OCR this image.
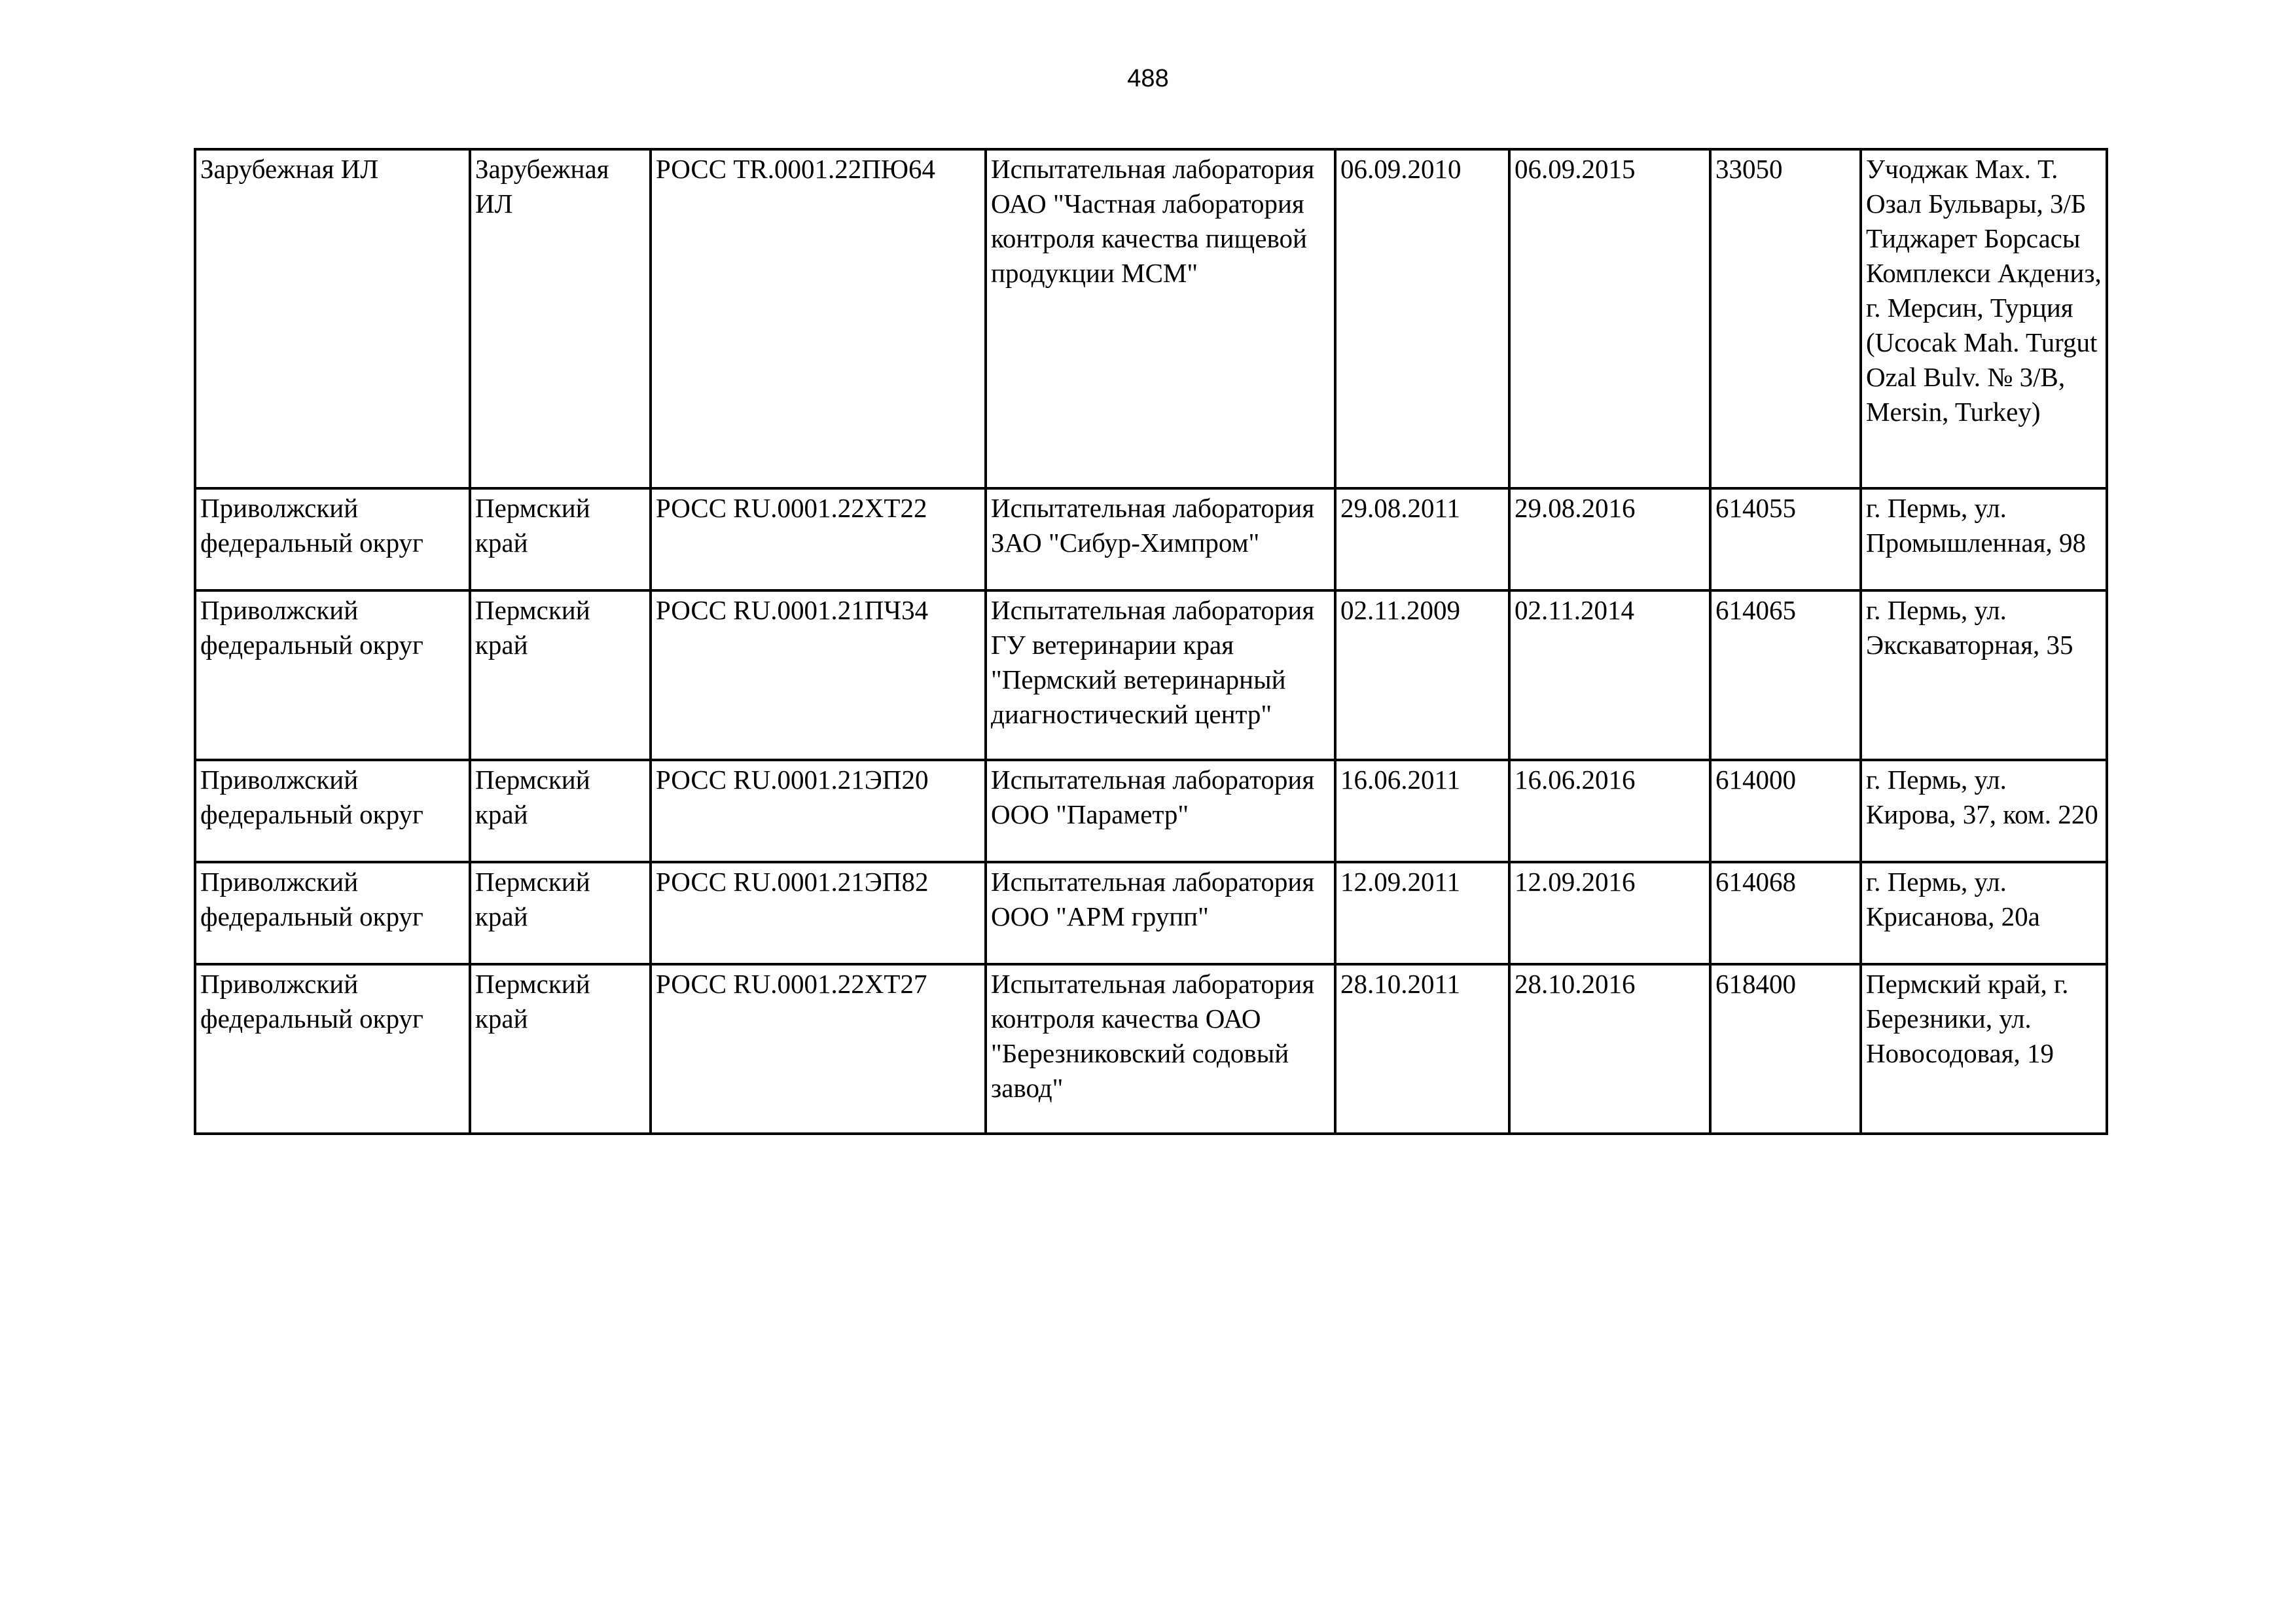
488
Зарубежная ИЛ	Зарубежная ИЛ	РОСС TR.0001.22ПЮ64	Испытательная лаборатория ОАО "Частная лаборатория контроля качества пищевой продукции МСМ"	06.09.2010	06.09.2015	33050	Учоджак Мах. Т. Озал Бульвары, 3/Б Тиджарет Борсасы Комплекси Акдениз, г. Мерсин, Турция (Ucocak Mah. Turgut Ozal Bulv. № 3/B, Mersin, Turkey)

Приволжский федеральный округ	Пермский край	РОСС RU.0001.22ХТ22	Испытательная лаборатория ЗАО "Сибур-Химпром"	29.08.2011	29.08.2016	614055	г. Пермь, ул. Промышленная, 98

Приволжский федеральный округ	Пермский край	РОСС RU.0001.21ПЧ34	Испытательная лаборатория ГУ ветеринарии края "Пермский ветеринарный диагностический центр"	02.11.2009	02.11.2014	614065	г. Пермь, ул. Экскаваторная, 35

Приволжский федеральный округ	Пермский край	РОСС RU.0001.21ЭП20	Испытательная лаборатория ООО "Параметр"	16.06.2011	16.06.2016	614000	г. Пермь, ул. Кирова, 37, ком. 220

Приволжский федеральный округ	Пермский край	РОСС RU.0001.21ЭП82	Испытательная лаборатория ООО "АРМ групп"	12.09.2011	12.09.2016	614068	г. Пермь, ул. Крисанова, 20а

Приволжский федеральный округ	Пермский край	РОСС RU.0001.22ХТ27	Испытательная лаборатория контроля качества ОАО "Березниковский содовый завод"	28.10.2011	28.10.2016	618400	Пермский край, г. Березники, ул. Новосодовая, 19
